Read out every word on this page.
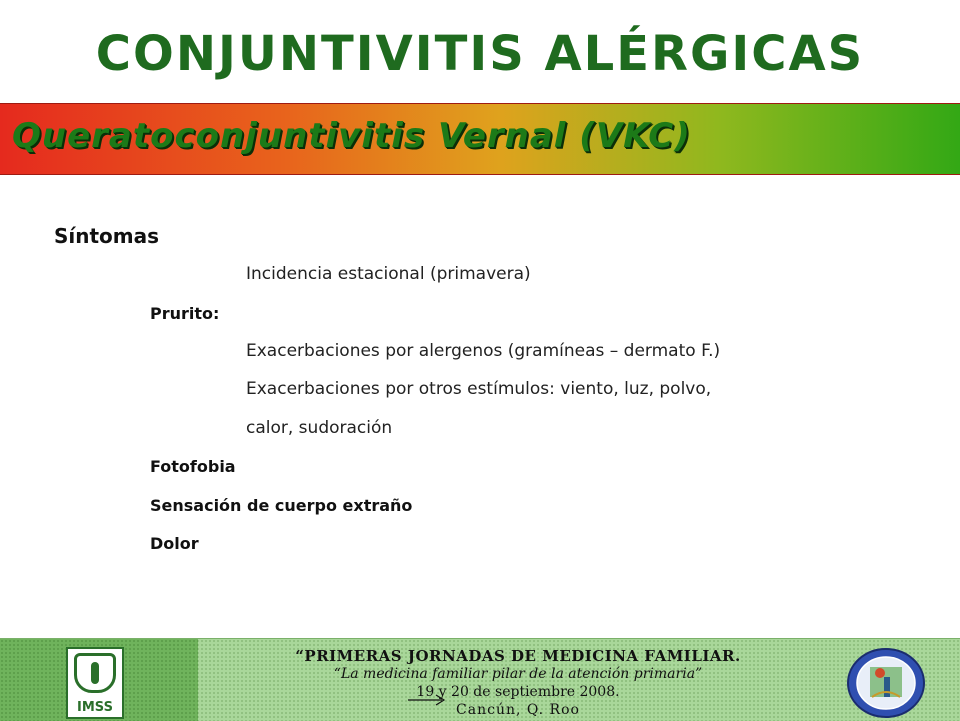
CONJUNTIVITIS ALÉRGICAS
Queratoconjuntivitis Vernal (VKC)
Síntomas
Incidencia estacional (primavera)
Prurito:
Exacerbaciones por alergenos (gramíneas – dermato F.)
Exacerbaciones por otros estímulos: viento, luz, polvo,
calor, sudoración
Fotofobia
Sensación de cuerpo extraño
Dolor
IMSS
“PRIMERAS JORNADAS DE MEDICINA FAMILIAR.
“La medicina familiar pilar de la atención primaria”
19 y 20 de septiembre 2008.
Cancún, Q. Roo
